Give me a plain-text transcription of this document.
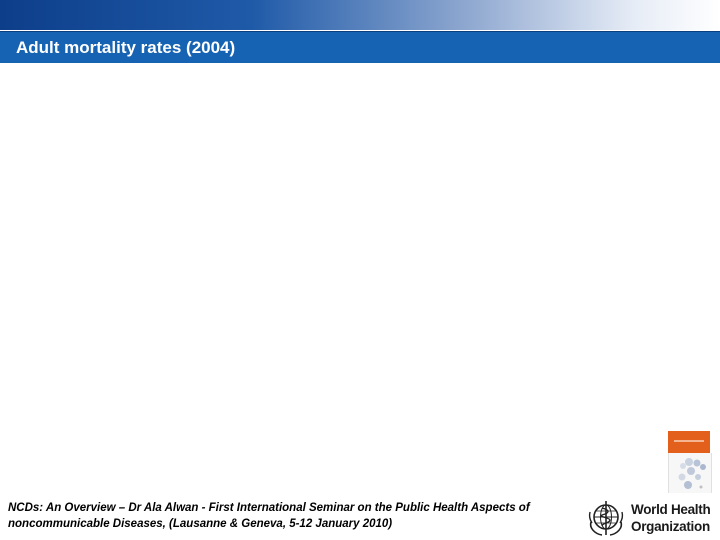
Adult mortality rates (2004)
NCDs: An Overview – Dr Ala Alwan - First International Seminar on the Public Health Aspects of
noncommunicable Diseases, (Lausanne & Geneva, 5-12 January 2010)
World Health
Organization
